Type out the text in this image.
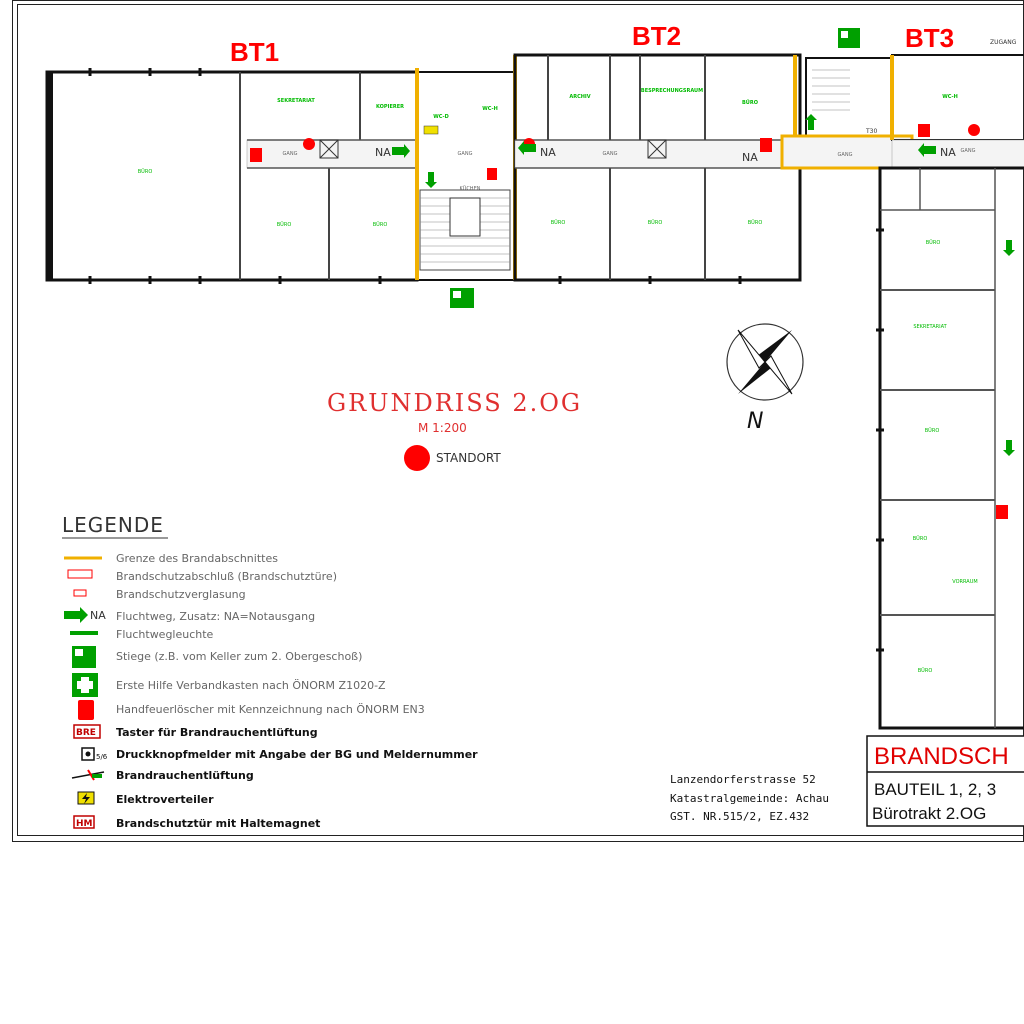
BT1
BT2	BT3
BÜRO
SEKRETARIAT
KOPIERER
BÜRO	BÜRO
GANG	NA
WC-D
WC-H
GANG
KÜCHEN
ARCHIV
BESPRECHUNGSRAUM
BÜRO
BÜRO	BÜRO	BÜRO
GANG
NA	NA	GANG
T30
WC-H
ZUGANG
GANG
BÜRO
SEKRETARIAT
BÜRO
BÜRO
VORRAUM
BÜRO
NA
N
GRUNDRISS 2.OG
M 1:200
STANDORT
LEGENDE
Grenze des Brandabschnittes
Brandschutzabschluß (Brandschutztüre)
Brandschutzverglasung
NA Fluchtweg, Zusatz: NA=Notausgang
Fluchtwegleuchte
Stiege (z.B. vom Keller zum 2. Obergeschoß)
Erste Hilfe Verbandkasten nach ÖNORM Z1020-Z
Handfeuerlöscher mit Kennzeichnung nach ÖNORM EN3
BRE Taster für Brandrauchentlüftung
5/6 Druckknopfmelder mit Angabe der BG und Meldernummer
Brandrauchentlüftung
Elektroverteiler
HM Brandschutztür mit Haltemagnet
Lanzendorferstrasse 52
Katastralgemeinde: Achau
GST. NR.515/2, EZ.432
BRANDSCH
BAUTEIL 1, 2, 3
Bürotrakt 2.OG
